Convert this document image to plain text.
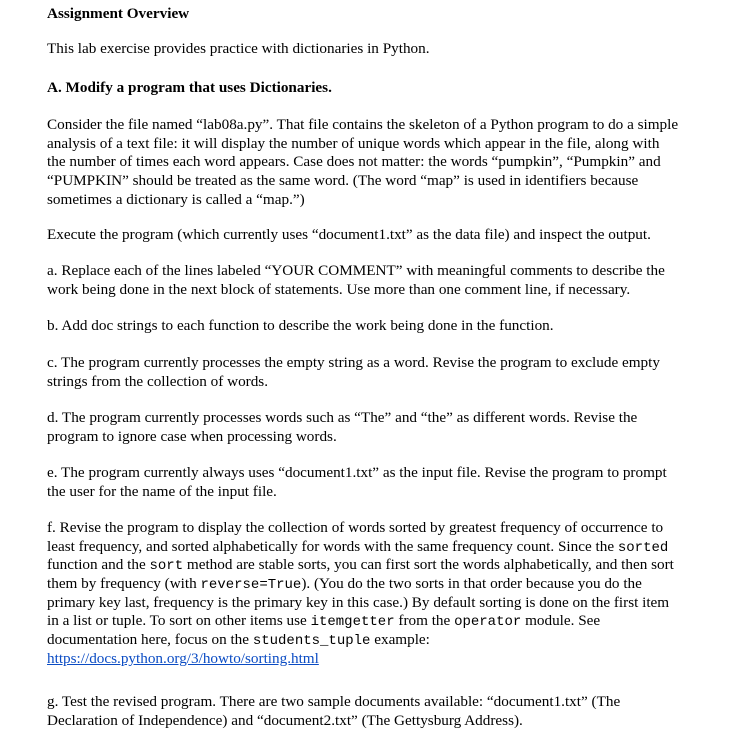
Assignment Overview
This lab exercise provides practice with dictionaries in Python.
A. Modify a program that uses Dictionaries.
Consider the file named “lab08a.py”. That file contains the skeleton of a Python program to do a simple
analysis of a text file: it will display the number of unique words which appear in the file, along with
the number of times each word appears. Case does not matter: the words “pumpkin”, “Pumpkin” and
“PUMPKIN” should be treated as the same word. (The word “map” is used in identifiers because
sometimes a dictionary is called a “map.”)
Execute the program (which currently uses “document1.txt” as the data file) and inspect the output.
a. Replace each of the lines labeled “YOUR COMMENT” with meaningful comments to describe the
work being done in the next block of statements. Use more than one comment line, if necessary.
b. Add doc strings to each function to describe the work being done in the function.
c. The program currently processes the empty string as a word. Revise the program to exclude empty
strings from the collection of words.
d. The program currently processes words such as “The” and “the” as different words. Revise the
program to ignore case when processing words.
e. The program currently always uses “document1.txt” as the input file. Revise the program to prompt
the user for the name of the input file.
f. Revise the program to display the collection of words sorted by greatest frequency of occurrence to
least frequency, and sorted alphabetically for words with the same frequency count. Since the sorted
function and the sort method are stable sorts, you can first sort the words alphabetically, and then sort
them by frequency (with reverse=True). (You do the two sorts in that order because you do the
primary key last, frequency is the primary key in this case.) By default sorting is done on the first item
in a list or tuple. To sort on other items use itemgetter from the operator module. See
documentation here, focus on the students_tuple example:
https://docs.python.org/3/howto/sorting.html
g. Test the revised program. There are two sample documents available: “document1.txt” (The
Declaration of Independence) and “document2.txt” (The Gettysburg Address).
